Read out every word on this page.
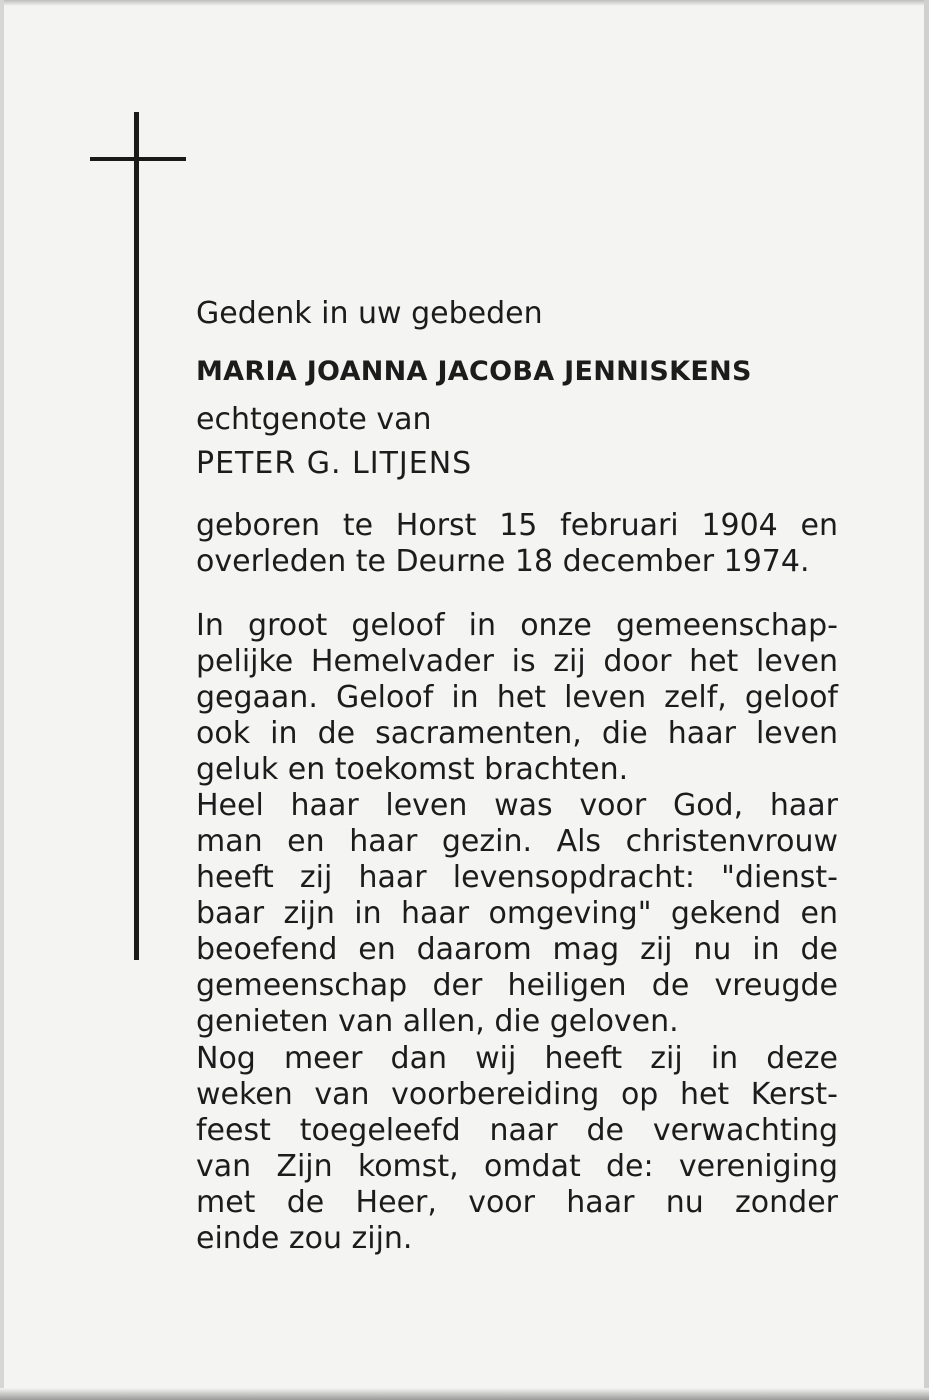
Gedenk in uw gebeden
MARIA JOANNA JACOBA JENNISKENS
echtgenote van
PETER G. LITJENS
geboren te Horst 15 februari 1904 en
overleden te Deurne 18 december 1974.
In groot geloof in onze gemeenschap-
pelijke Hemelvader is zij door het leven
gegaan. Geloof in het leven zelf, geloof
ook in de sacramenten, die haar leven
geluk en toekomst brachten.
Heel haar leven was voor God, haar
man en haar gezin. Als christenvrouw
heeft zij haar levensopdracht: "dienst-
baar zijn in haar omgeving" gekend en
beoefend en daarom mag zij nu in de
gemeenschap der heiligen de vreugde
genieten van allen, die geloven.
Nog meer dan wij heeft zij in deze
weken van voorbereiding op het Kerst-
feest toegeleefd naar de verwachting
van Zijn komst, omdat de: vereniging
met de Heer, voor haar nu zonder
einde zou zijn.
